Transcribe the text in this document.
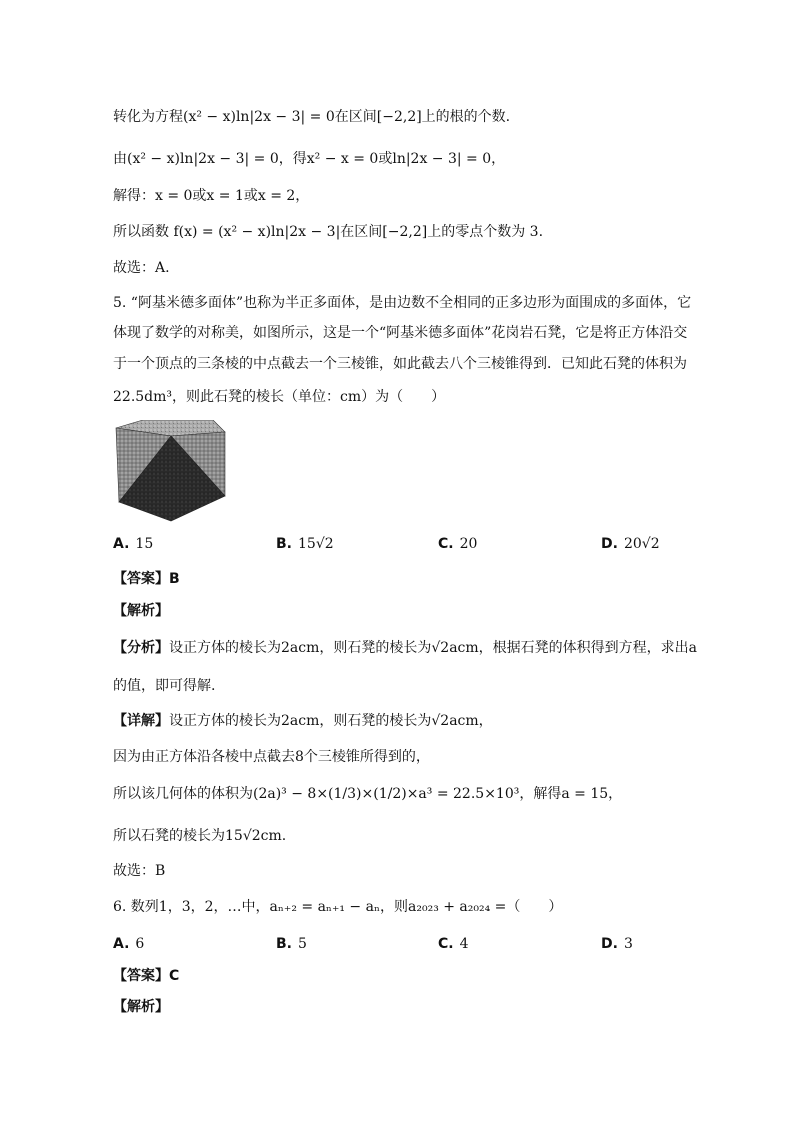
转化为方程(x² − x)ln|2x − 3| = 0在区间[−2,2]上的根的个数.
由(x² − x)ln|2x − 3| = 0，得x² − x = 0或ln|2x − 3| = 0，
解得：x = 0或x = 1或x = 2，
所以函数 f(x) = (x² − x)ln|2x − 3|在区间[−2,2]上的零点个数为 3.
故选：A.
5. “阿基米德多面体”也称为半正多面体，是由边数不全相同的正多边形为面围成的多面体，它
体现了数学的对称美，如图所示，这是一个“阿基米德多面体”花岗岩石凳，它是将正方体沿交
于一个顶点的三条棱的中点截去一个三棱锥，如此截去八个三棱锥得到．已知此石凳的体积为
22.5dm³，则此石凳的棱长（单位：cm）为（　　）
A. 15	B. 15√2	C. 20	D. 20√2
【答案】B
【解析】
【分析】设正方体的棱长为2acm，则石凳的棱长为√2acm，根据石凳的体积得到方程，求出a
的值，即可得解.
【详解】设正方体的棱长为2acm，则石凳的棱长为√2acm，
因为由正方体沿各棱中点截去8个三棱锥所得到的，
所以该几何体的体积为(2a)³ − 8×(1/3)×(1/2)×a³ = 22.5×10³，解得a = 15，
所以石凳的棱长为15√2cm.
故选：B
6. 数列1，3，2，…中，aₙ₊₂ = aₙ₊₁ − aₙ，则a₂₀₂₃ + a₂₀₂₄ =（　　）
A. 6	B. 5	C. 4	D. 3
【答案】C
【解析】
